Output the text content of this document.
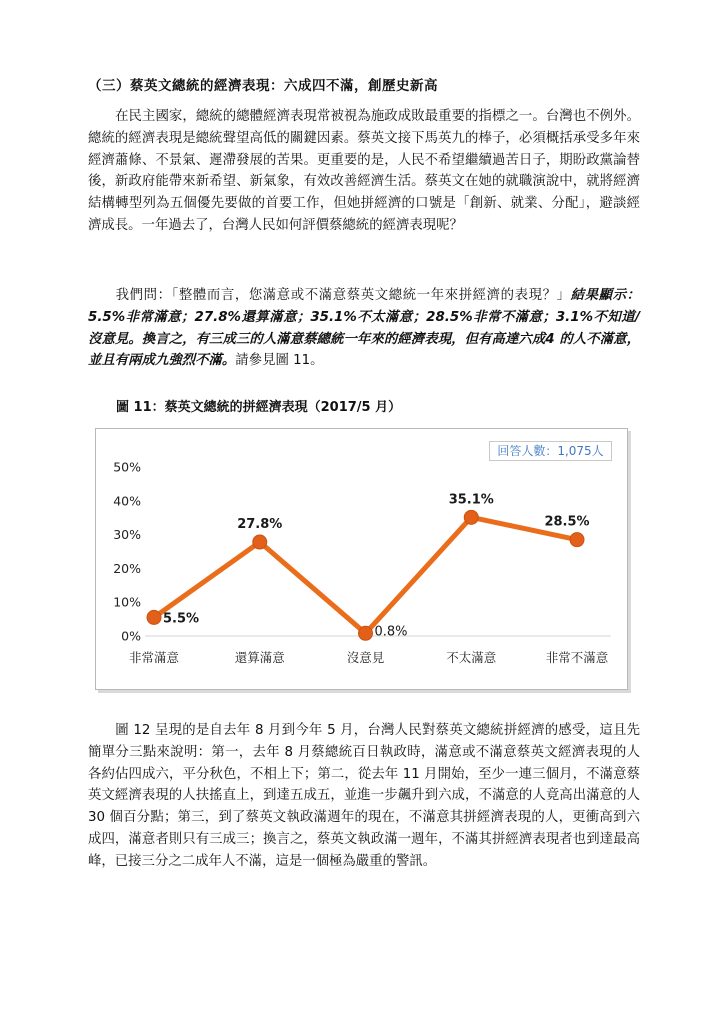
（三）蔡英文總統的經濟表現：六成四不滿，創歷史新高

在民主國家，總統的總體經濟表現常被視為施政成敗最重要的指標之一。台灣也不例外。總統的經濟表現是總統聲望高低的關鍵因素。蔡英文接下馬英九的棒子，必須概括承受多年來經濟蕭條、不景氣、遲滯發展的苦果。更重要的是，人民不希望繼續過苦日子，期盼政黨論替後，新政府能帶來新希望、新氣象，有效改善經濟生活。蔡英文在她的就職演說中，就將經濟結構轉型列為五個優先要做的首要工作，但她拼經濟的口號是「創新、就業、分配」，避談經濟成長。一年過去了，台灣人民如何評價蔡總統的經濟表現呢？

我們問：「整體而言，您滿意或不滿意蔡英文總統一年來拼經濟的表現？」結果顯示：5.5%非常滿意；27.8%還算滿意；35.1%不太滿意；28.5%非常不滿意；3.1%不知道/沒意見。換言之，有三成三的人滿意蔡總統一年來的經濟表現，但有高達六成4 的人不滿意，並且有兩成九強烈不滿。請參見圖 11。

圖 11：蔡英文總統的拼經濟表現（2017/5 月）
0%
10%
20%
30%
40%
50%
非常滿意	還算滿意	沒意見	不太滿意	非常不滿意
5.5%
27.8%
0.8%
35.1%
28.5%
回答人數：1,075人

圖 12 呈現的是自去年 8 月到今年 5 月，台灣人民對蔡英文總統拼經濟的感受，這且先簡單分三點來說明：第一，去年 8 月蔡總統百日執政時，滿意或不滿意蔡英文經濟表現的人各約佔四成六，平分秋色，不相上下；第二，從去年 11 月開始，至少一連三個月，不滿意蔡英文經濟表現的人扶搖直上，到達五成五，並進一步飆升到六成，不滿意的人竟高出滿意的人 30 個百分點；第三，到了蔡英文執政滿週年的現在，不滿意其拼經濟表現的人，更衝高到六成四，滿意者則只有三成三；換言之，蔡英文執政滿一週年，不滿其拼經濟表現者也到達最高峰，已接三分之二成年人不滿，這是一個極為嚴重的警訊。
